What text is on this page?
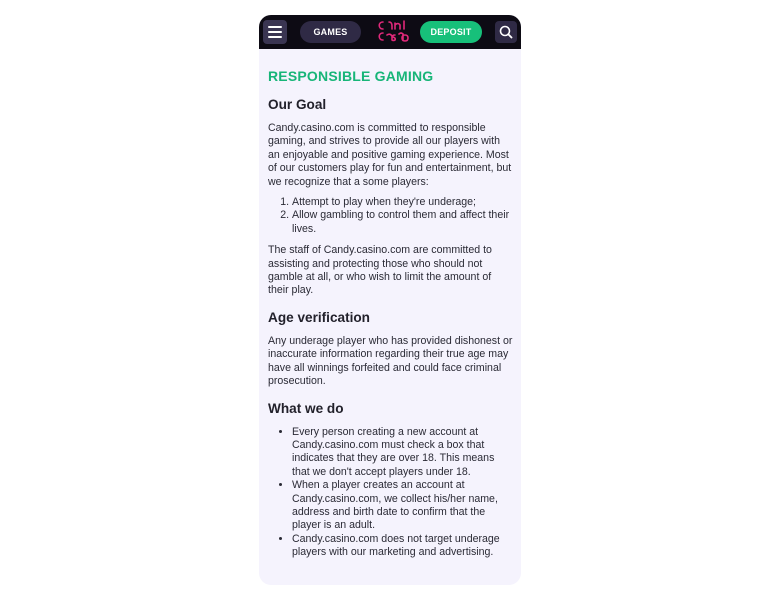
GAMES	DEPOSIT
RESPONSIBLE GAMING
Our Goal

Candy.casino.com is committed to responsible gaming, and strives to provide all our players with an enjoyable and positive gaming experience. Most of our customers play for fun and entertainment, but we recognize that a some players:

1. Attempt to play when they're underage;
2. Allow gambling to control them and affect their lives.

The staff of Candy.casino.com are committed to assisting and protecting those who should not gamble at all, or who wish to limit the amount of their play.

Age verification

Any underage player who has provided dishonest or inaccurate information regarding their true age may have all winnings forfeited and could face criminal prosecution.

What we do
• Every person creating a new account at Candy.casino.com must check a box that indicates that they are over 18. This means that we don't accept players under 18.
• When a player creates an account at Candy.casino.com, we collect his/her name, address and birth date to confirm that the player is an adult.
• Candy.casino.com does not target underage players with our marketing and advertising.
